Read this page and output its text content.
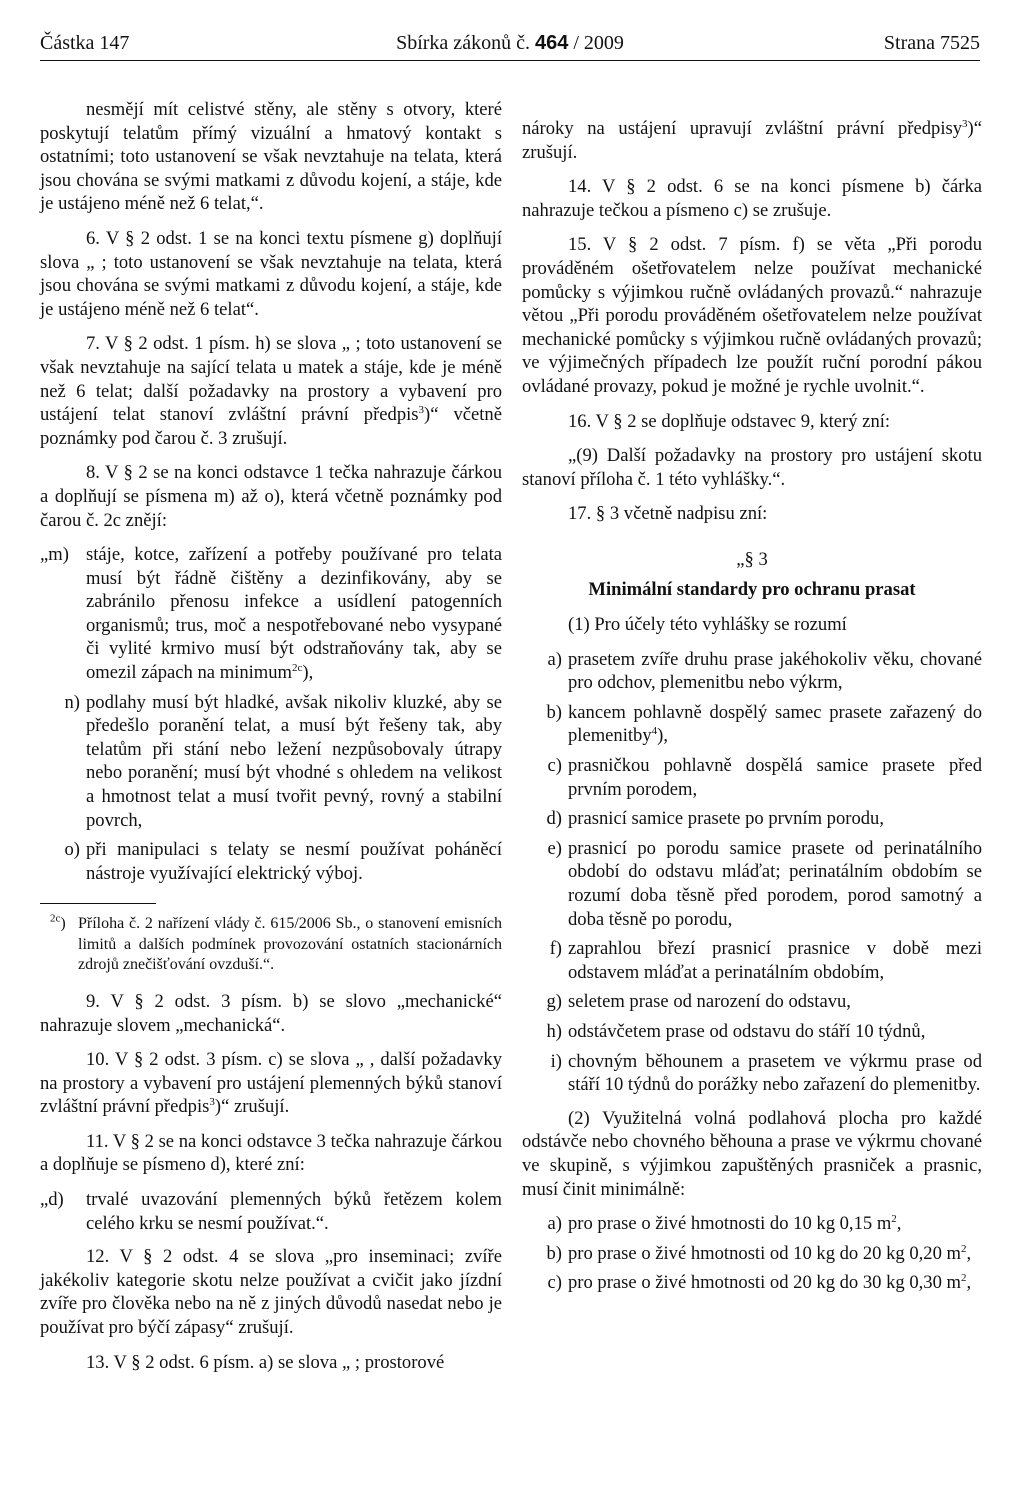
Částka 147	Sbírka zákonů č. 464 / 2009	Strana 7525

nesmějí mít celistvé stěny, ale stěny s otvory, které poskytují telatům přímý vizuální a hmatový kontakt s ostatními; toto ustanovení se však nevztahuje na telata, která jsou chována se svými matkami z důvodu kojení, a stáje, kde je ustájeno méně než 6 telat,“.

6. V § 2 odst. 1 se na konci textu písmene g) doplňují slova „ ; toto ustanovení se však nevztahuje na telata, která jsou chována se svými matkami z důvodu kojení, a stáje, kde je ustájeno méně než 6 telat“.

7. V § 2 odst. 1 písm. h) se slova „ ; toto ustanovení se však nevztahuje na sající telata u matek a stáje, kde je méně než 6 telat; další požadavky na prostory a vybavení pro ustájení telat stanoví zvláštní právní předpis$^3$)“ včetně poznámky pod čarou č. 3 zrušují.

8. V § 2 se na konci odstavce 1 tečka nahrazuje čárkou a doplňují se písmena m) až o), která včetně poznámky pod čarou č. 2c znějí:

„m) stáje, kotce, zařízení a potřeby používané pro telata musí být řádně čištěny a dezinfikovány, aby se zabránilo přenosu infekce a usídlení patogenních organismů; trus, moč a nespotřebované nebo vysypané či vylité krmivo musí být odstraňovány tak, aby se omezil zápach na minimum$^{2c}$),
n) podlahy musí být hladké, avšak nikoliv kluzké, aby se předešlo poranění telat, a musí být řešeny tak, aby telatům při stání nebo ležení nezpůsobovaly útrapy nebo poranění; musí být vhodné s ohledem na velikost a hmotnost telat a musí tvořit pevný, rovný a stabilní povrch,
o) při manipulaci s telaty se nesmí používat poháněcí nástroje využívající elektrický výboj.
$^{2c}$) Příloha č. 2 nařízení vlády č. 615/2006 Sb., o stanovení emisních limitů a dalších podmínek provozování ostatních stacionárních zdrojů znečišťování ovzduší.“.

9. V § 2 odst. 3 písm. b) se slovo „mechanické“ nahrazuje slovem „mechanická“.

10. V § 2 odst. 3 písm. c) se slova „ , další požadavky na prostory a vybavení pro ustájení plemenných býků stanoví zvláštní právní předpis$^3$)“ zrušují.

11. V § 2 se na konci odstavce 3 tečka nahrazuje čárkou a doplňuje se písmeno d), které zní:

„d)	trvalé uvazování plemenných býků řetězem kolem celého krku se nesmí používat.“.

12. V § 2 odst. 4 se slova „pro inseminaci; zvíře jakékoliv kategorie skotu nelze používat a cvičit jako jízdní zvíře pro člověka nebo na ně z jiných důvodů nasedat nebo je používat pro býčí zápasy“ zrušují.

13. V § 2 odst. 6 písm. a) se slova „ ; prostorové

nároky na ustájení upravují zvláštní právní předpisy$^3$)“ zrušují.

14. V § 2 odst. 6 se na konci písmene b) čárka nahrazuje tečkou a písmeno c) se zrušuje.

15. V § 2 odst. 7 písm. f) se věta „Při porodu prováděném ošetřovatelem nelze používat mechanické pomůcky s výjimkou ručně ovládaných provazů.“ nahrazuje větou „Při porodu prováděném ošetřovatelem nelze používat mechanické pomůcky s výjimkou ručně ovládaných provazů; ve výjimečných případech lze použít ruční porodní pákou ovládané provazy, pokud je možné je rychle uvolnit.“.

16. V § 2 se doplňuje odstavec 9, který zní:

„(9) Další požadavky na prostory pro ustájení skotu stanoví příloha č. 1 této vyhlášky.“.

17. § 3 včetně nadpisu zní:

„§ 3

Minimální standardy pro ochranu prasat

(1) Pro účely této vyhlášky se rozumí

a) prasetem zvíře druhu prase jakéhokoliv věku, chované pro odchov, plemenitbu nebo výkrm,
b) kancem pohlavně dospělý samec prasete zařazený do plemenitby$^4$),
c) prasničkou pohlavně dospělá samice prasete před prvním porodem,
d) prasnicí samice prasete po prvním porodu,
e) prasnicí po porodu samice prasete od perinatálního období do odstavu mláďat; perinatálním obdobím se rozumí doba těsně před porodem, porod samotný a doba těsně po porodu,
f) zaprahlou březí prasnicí prasnice v době mezi odstavem mláďat a perinatálním obdobím,
g) seletem prase od narození do odstavu,
h) odstávčetem prase od odstavu do stáří 10 týdnů,
i) chovným běhounem a prasetem ve výkrmu prase od stáří 10 týdnů do porážky nebo zařazení do plemenitby.

(2) Využitelná volná podlahová plocha pro každé odstávče nebo chovného běhouna a prase ve výkrmu chované ve skupině, s výjimkou zapuštěných prasniček a prasnic, musí činit minimálně:

a) pro prase o živé hmotnosti do 10 kg 0,15 $m^2$,
b) pro prase o živé hmotnosti od 10 kg do 20 kg 0,20 $m^2$,
c) pro prase o živé hmotnosti od 20 kg do 30 kg 0,30 $m^2$,
